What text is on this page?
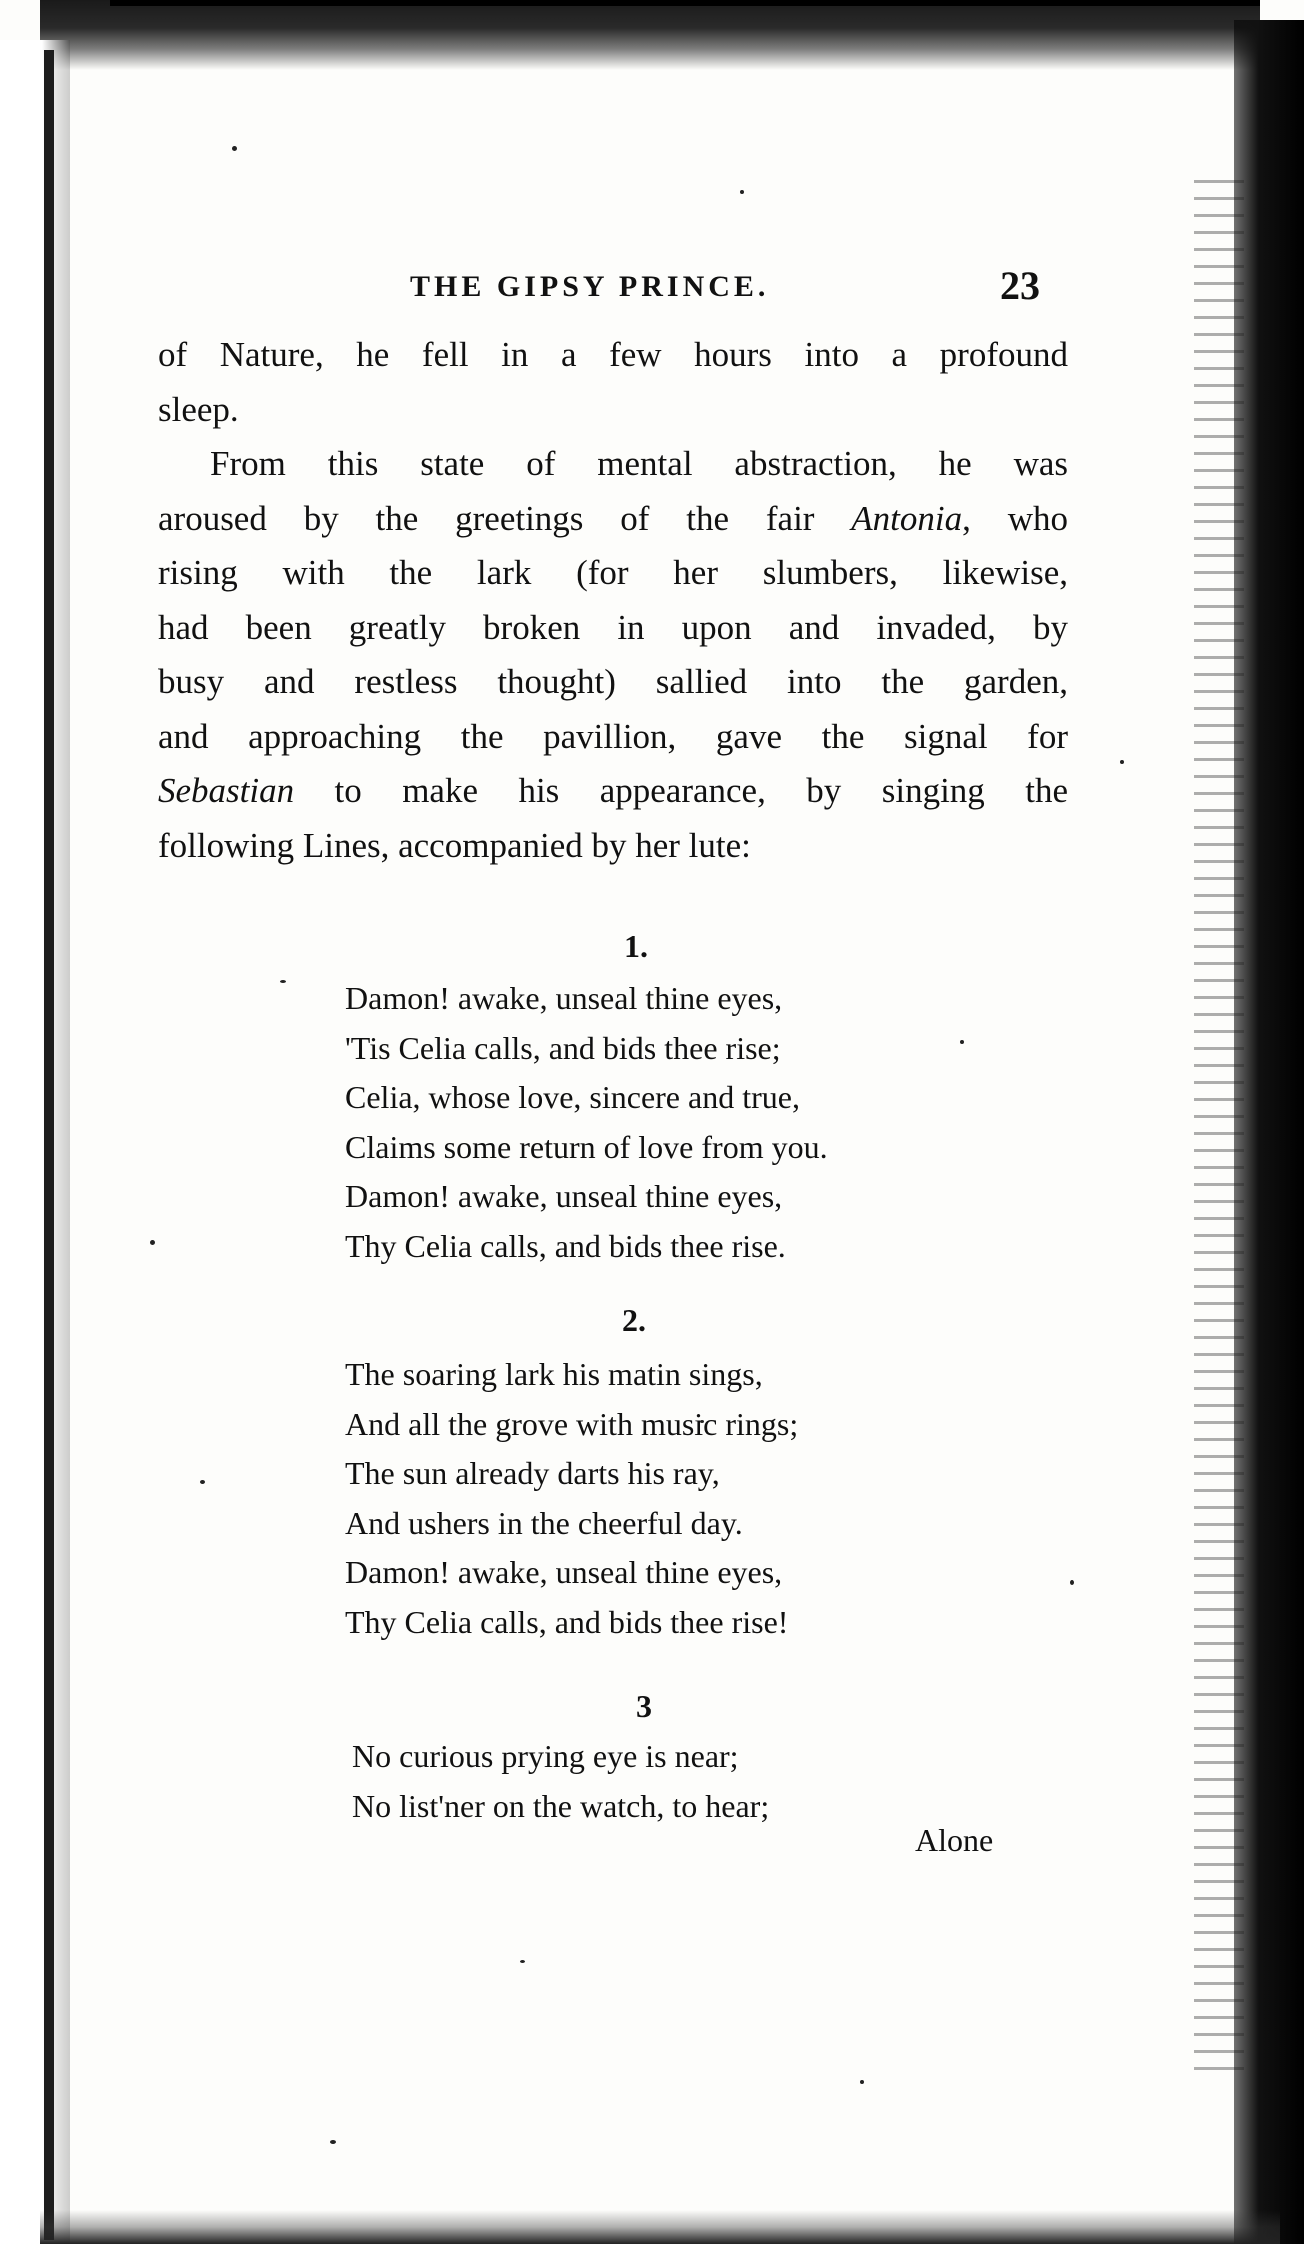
THE GIPSY PRINCE.	23
of Nature, he fell in a few hours into a profound
sleep.
From this state of mental abstraction, he was
aroused by the greetings of the fair Antonia, who
rising with the lark (for her slumbers, likewise,
had been greatly broken in upon and invaded, by
busy and restless thought) sallied into the garden,
and approaching the pavillion, gave the signal for
Sebastian to make his appearance, by singing the
following Lines, accompanied by her lute:
1.
Damon! awake, unseal thine eyes,
'Tis Celia calls, and bids thee rise;
Celia, whose love, sincere and true,
Claims some return of love from you.
Damon! awake, unseal thine eyes,
Thy Celia calls, and bids thee rise.
2.
The soaring lark his matin sings,
And all the grove with music rings;
The sun already darts his ray,
And ushers in the cheerful day.
Damon! awake, unseal thine eyes,
Thy Celia calls, and bids thee rise!
3
No curious prying eye is near;
No list'ner on the watch, to hear;
Alone
